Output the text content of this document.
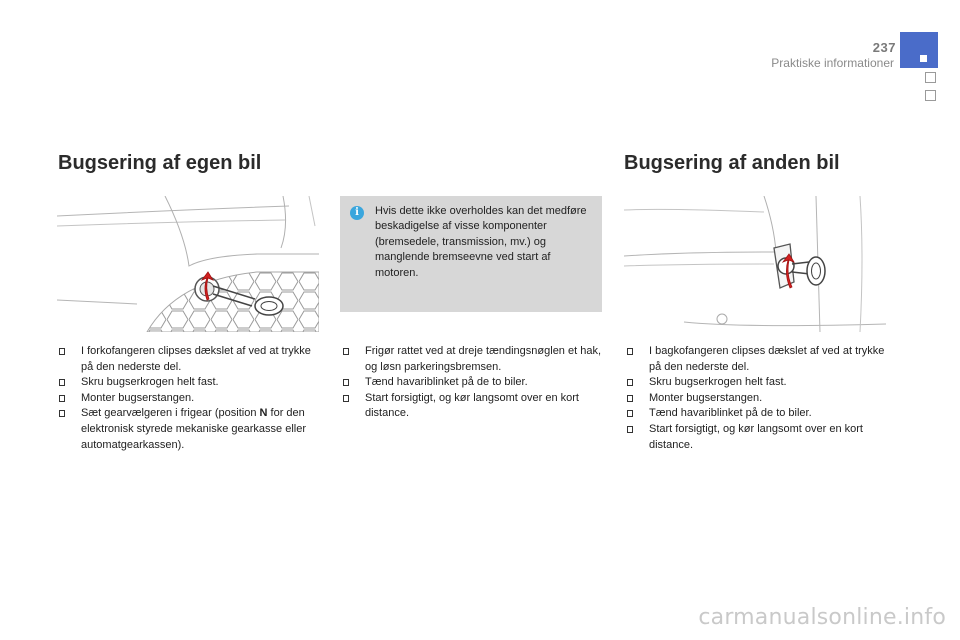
237
Praktiske informationer
Bugsering af egen bil
I forkofangeren clipses dækslet af ved at trykke på den nederste del.
Skru bugserkrogen helt fast.
Monter bugserstangen.
Sæt gearvælgeren i frigear (position N for den elektronisk styrede mekaniske gearkasse eller automatgearkassen).
i	Hvis dette ikke overholdes kan det medføre beskadigelse af visse komponenter (bremsedele, transmission, mv.) og manglende bremseevne ved start af motoren.
Frigør rattet ved at dreje tændingsnøglen et hak, og løsn parkeringsbremsen.
Tænd havariblinket på de to biler.
Start forsigtigt, og kør langsomt over en kort distance.
Bugsering af anden bil
I bagkofangeren clipses dækslet af ved at trykke på den nederste del.
Skru bugserkrogen helt fast.
Monter bugserstangen.
Tænd havariblinket på de to biler.
Start forsigtigt, og kør langsomt over en kort distance.
carmanualsonline.info
